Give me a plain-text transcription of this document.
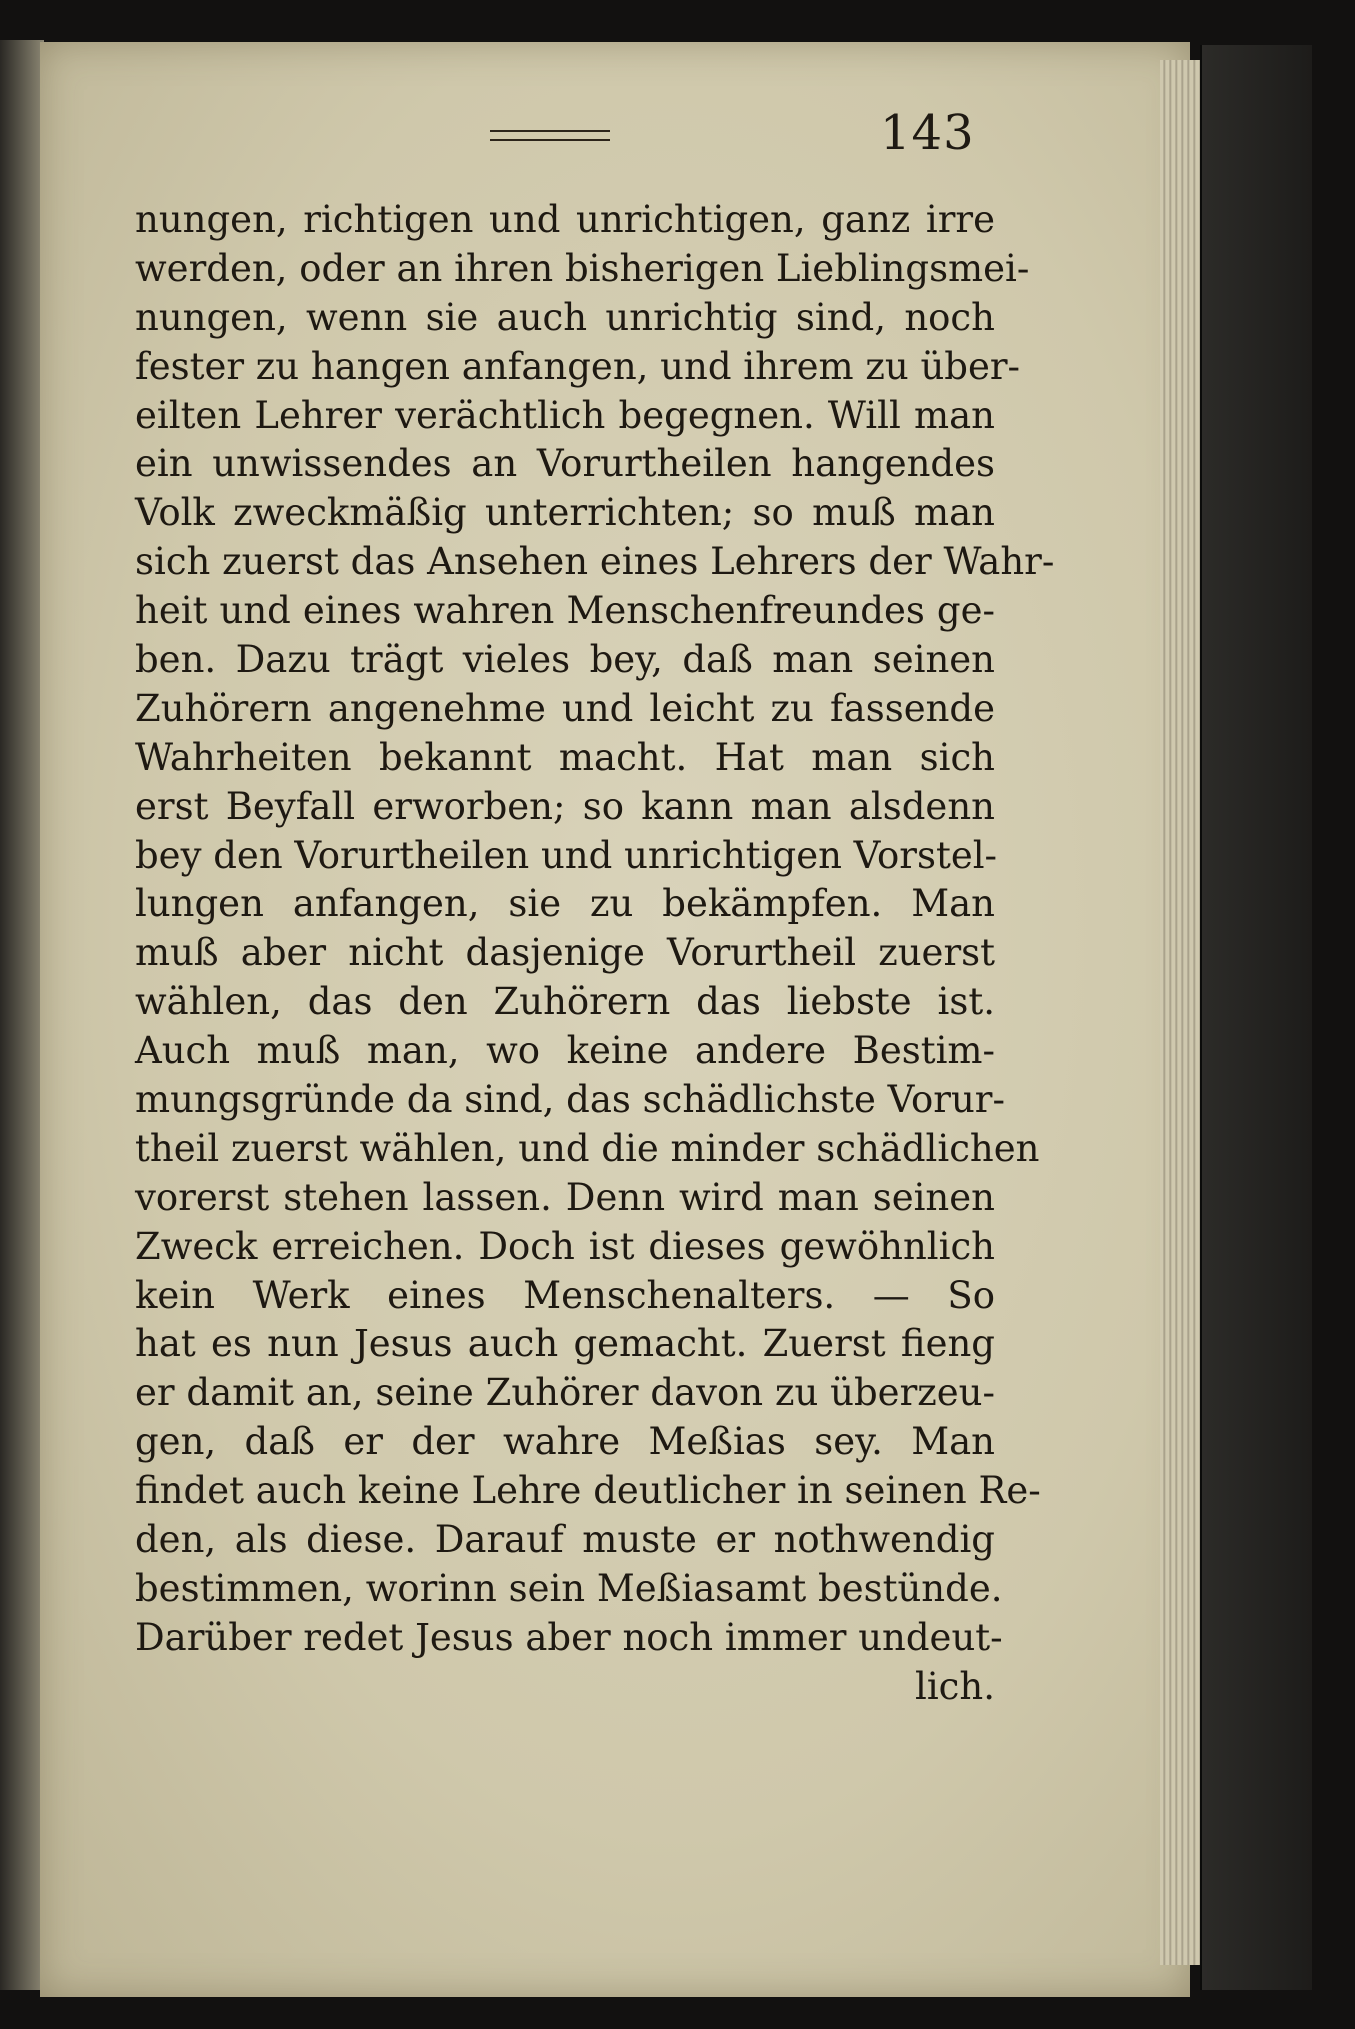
143
nungen, richtigen und unrichtigen, ganz irre
werden, oder an ihren bisherigen Lieblingsmei-
nungen, wenn sie auch unrichtig sind, noch
fester zu hangen anfangen, und ihrem zu über-
eilten Lehrer verächtlich begegnen. Will man
ein unwissendes an Vorurtheilen hangendes
Volk zweckmäßig unterrichten; so muß man
sich zuerst das Ansehen eines Lehrers der Wahr-
heit und eines wahren Menschenfreundes ge-
ben. Dazu trägt vieles bey, daß man seinen
Zuhörern angenehme und leicht zu fassende
Wahrheiten bekannt macht. Hat man sich
erst Beyfall erworben; so kann man alsdenn
bey den Vorurtheilen und unrichtigen Vorstel-
lungen anfangen, sie zu bekämpfen. Man
muß aber nicht dasjenige Vorurtheil zuerst
wählen, das den Zuhörern das liebste ist.
Auch muß man, wo keine andere Bestim-
mungsgründe da sind, das schädlichste Vorur-
theil zuerst wählen, und die minder schädlichen
vorerst stehen lassen. Denn wird man seinen
Zweck erreichen. Doch ist dieses gewöhnlich
kein Werk eines Menschenalters. — So
hat es nun Jesus auch gemacht. Zuerst fieng
er damit an, seine Zuhörer davon zu überzeu-
gen, daß er der wahre Meßias sey. Man
findet auch keine Lehre deutlicher in seinen Re-
den, als diese. Darauf muste er nothwendig
bestimmen, worinn sein Meßiasamt bestünde.
Darüber redet Jesus aber noch immer undeut-
lich.
